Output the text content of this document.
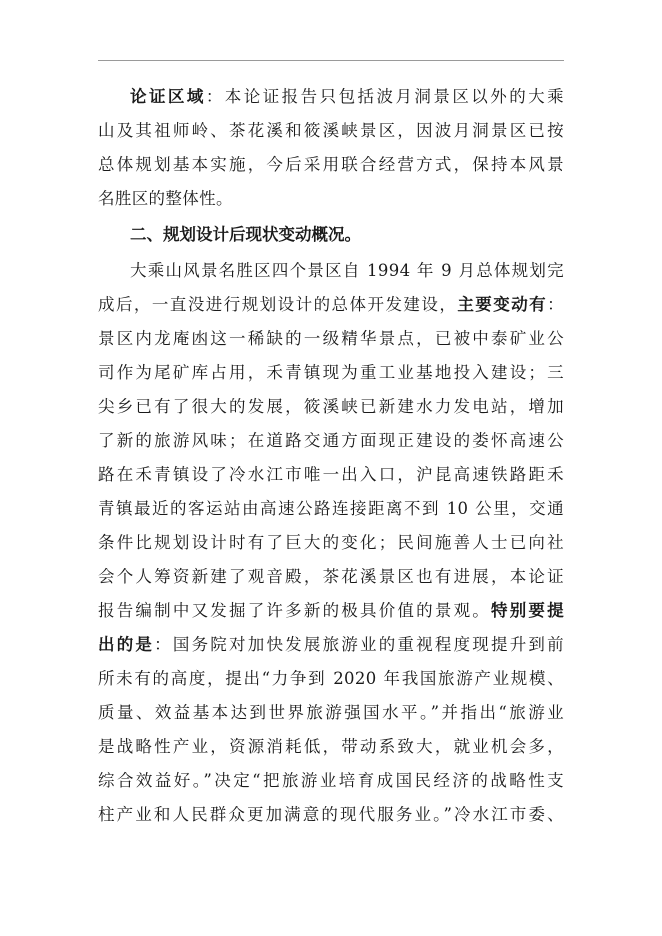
论证区域：本论证报告只包括波月洞景区以外的大乘
山及其祖师岭、茶花溪和筱溪峡景区，因波月洞景区已按
总体规划基本实施，今后采用联合经营方式，保持本风景
名胜区的整体性。
二、规划设计后现状变动概况。
大乘山风景名胜区四个景区自 1994 年 9 月总体规划完
成后，一直没进行规划设计的总体开发建设，主要变动有：
景区内龙庵凼这一稀缺的一级精华景点，已被中泰矿业公
司作为尾矿库占用，禾青镇现为重工业基地投入建设；三
尖乡已有了很大的发展，筱溪峡已新建水力发电站，增加
了新的旅游风味；在道路交通方面现正建设的娄怀高速公
路在禾青镇设了冷水江市唯一出入口，沪昆高速铁路距禾
青镇最近的客运站由高速公路连接距离不到 10 公里，交通
条件比规划设计时有了巨大的变化；民间施善人士已向社
会个人筹资新建了观音殿，茶花溪景区也有进展，本论证
报告编制中又发掘了许多新的极具价值的景观。特别要提
出的是：国务院对加快发展旅游业的重视程度现提升到前
所未有的高度，提出“力争到 2020 年我国旅游产业规模、
质量、效益基本达到世界旅游强国水平。”并指出“旅游业
是战略性产业，资源消耗低，带动系致大，就业机会多，
综合效益好。”决定“把旅游业培育成国民经济的战略性支
柱产业和人民群众更加满意的现代服务业。”冷水江市委、
